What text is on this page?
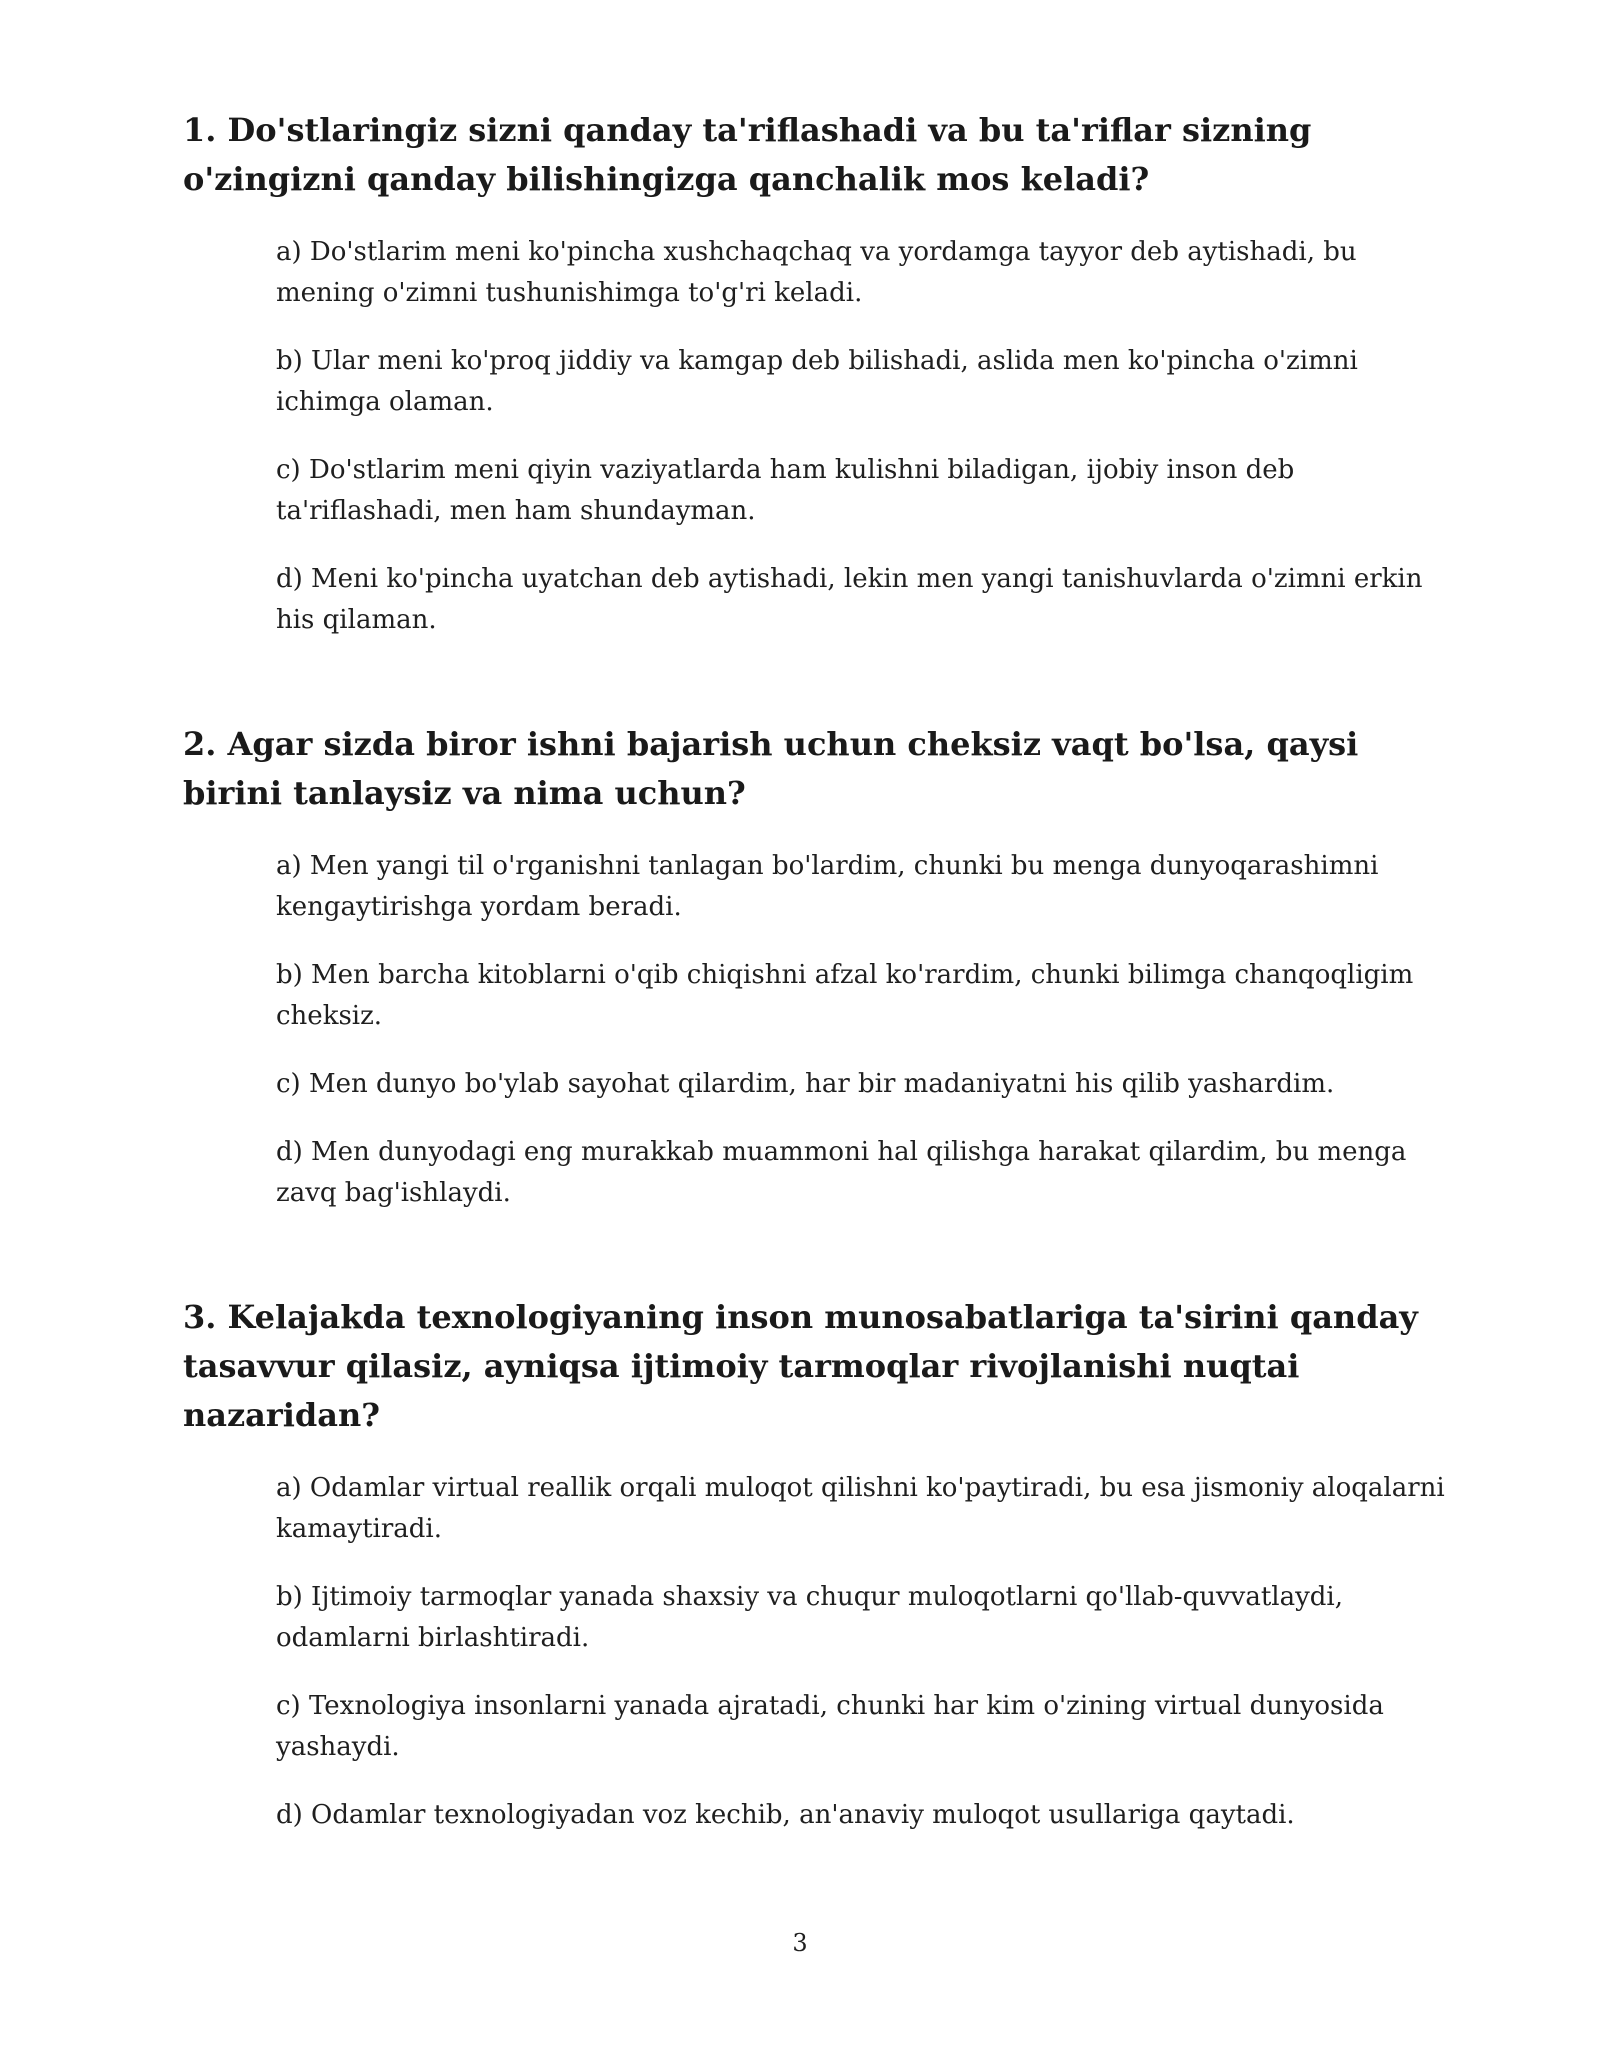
1. Do'stlaringiz sizni qanday ta'riflashadi va bu ta'riflar sizning o'zingizni qanday bilishingizga qanchalik mos keladi?
a) Do'stlarim meni ko'pincha xushchaqchaq va yordamga tayyor deb aytishadi, bu mening o'zimni tushunishimga to'g'ri keladi.
b) Ular meni ko'proq jiddiy va kamgap deb bilishadi, aslida men ko'pincha o'zimni ichimga olaman.
c) Do'stlarim meni qiyin vaziyatlarda ham kulishni biladigan, ijobiy inson deb ta'riflashadi, men ham shundayman.
d) Meni ko'pincha uyatchan deb aytishadi, lekin men yangi tanishuvlarda o'zimni erkin his qilaman.
2. Agar sizda biror ishni bajarish uchun cheksiz vaqt bo'lsa, qaysi birini tanlaysiz va nima uchun?
a) Men yangi til o'rganishni tanlagan bo'lardim, chunki bu menga dunyoqarashimni kengaytirishga yordam beradi.
b) Men barcha kitoblarni o'qib chiqishni afzal ko'rardim, chunki bilimga chanqoqligim cheksiz.
c) Men dunyo bo'ylab sayohat qilardim, har bir madaniyatni his qilib yashardim.
d) Men dunyodagi eng murakkab muammoni hal qilishga harakat qilardim, bu menga zavq bag'ishlaydi.
3. Kelajakda texnologiyaning inson munosabatlariga ta'sirini qanday tasavvur qilasiz, ayniqsa ijtimoiy tarmoqlar rivojlanishi nuqtai nazaridan?
a) Odamlar virtual reallik orqali muloqot qilishni ko'paytiradi, bu esa jismoniy aloqalarni kamaytiradi.
b) Ijtimoiy tarmoqlar yanada shaxsiy va chuqur muloqotlarni qo'llab-quvvatlaydi, odamlarni birlashtiradi.
c) Texnologiya insonlarni yanada ajratadi, chunki har kim o'zining virtual dunyosida yashaydi.
d) Odamlar texnologiyadan voz kechib, an'anaviy muloqot usullariga qaytadi.
3
